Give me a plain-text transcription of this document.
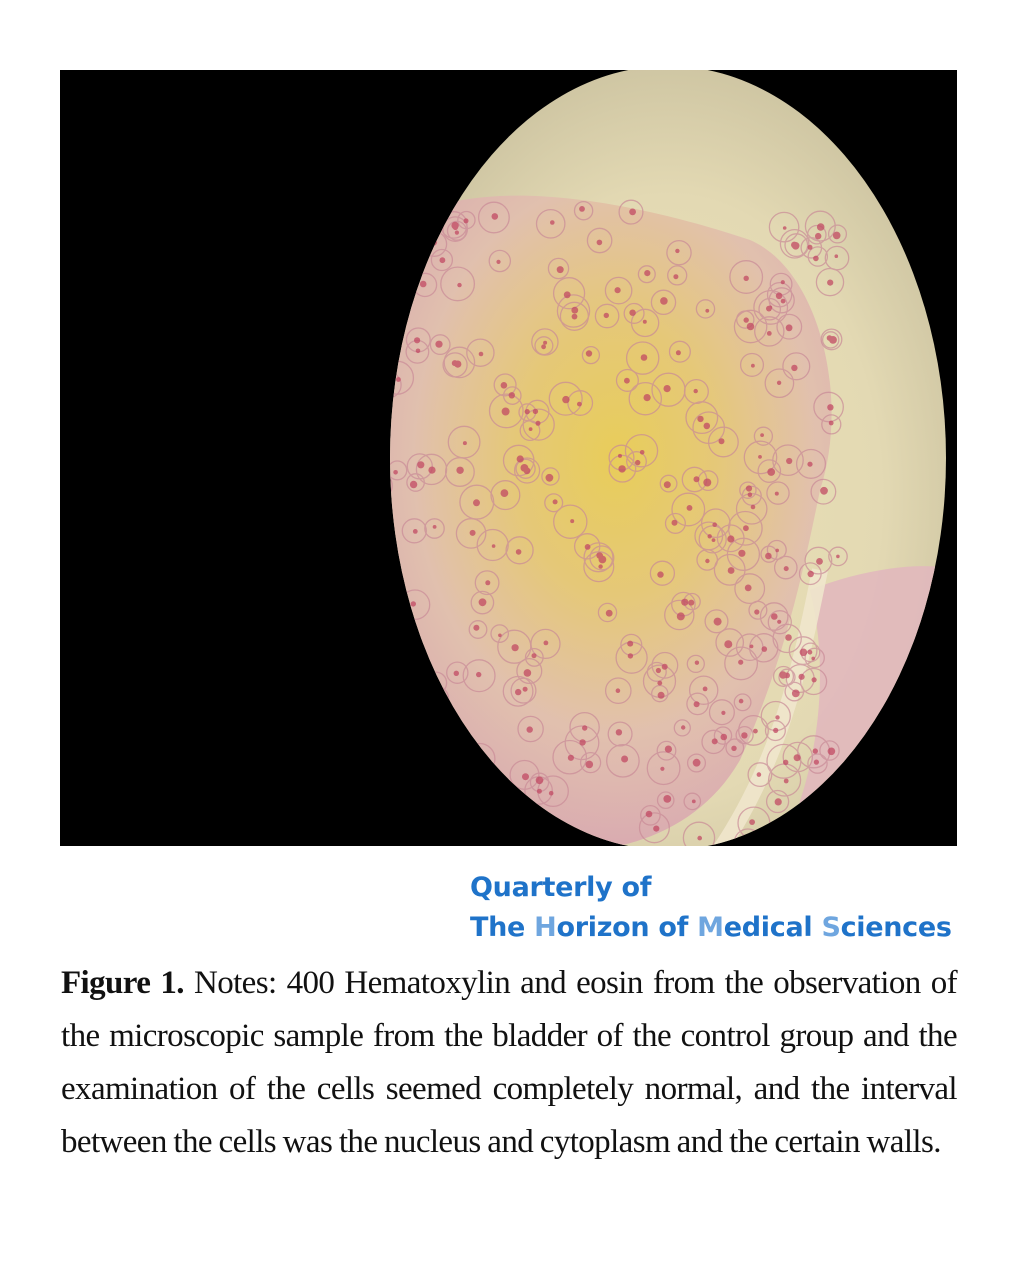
Quarterly of
The Horizon of Medical Sciences
Figure 1. Notes: 400 Hematoxylin and eosin from the observation of the microscopic sample from the bladder of the control group and the examination of the cells seemed completely normal, and the interval between the cells was the nucleus and cytoplasm and the certain walls.
